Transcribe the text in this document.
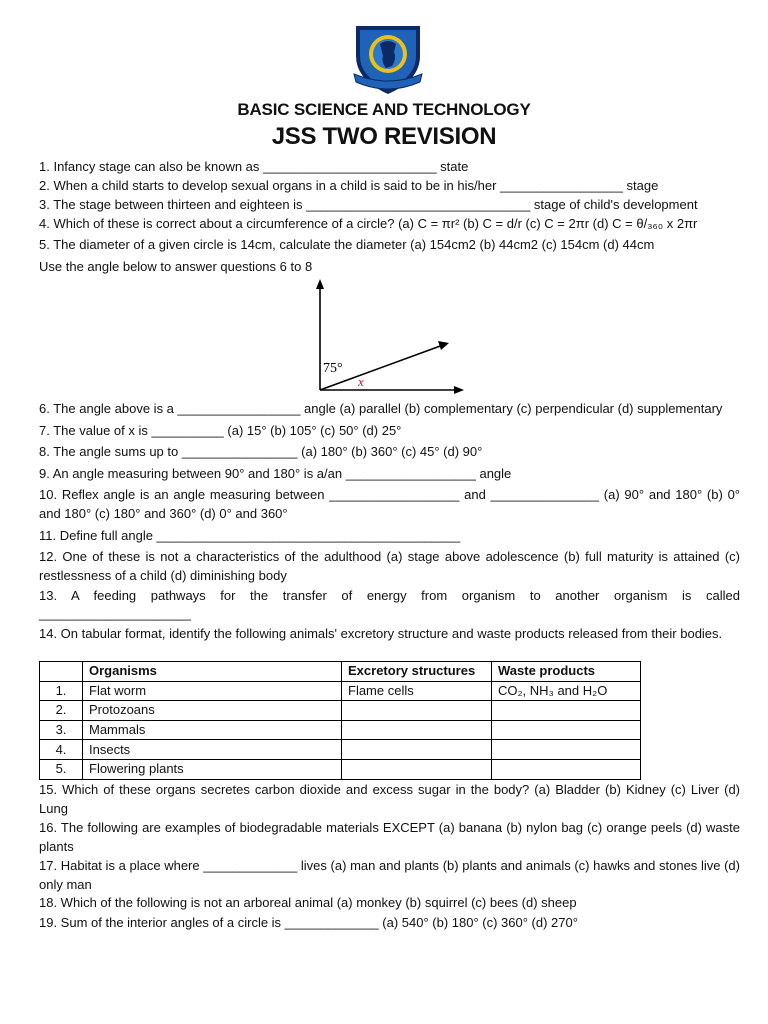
BASIC SCIENCE AND TECHNOLOGY
JSS TWO REVISION
1. Infancy stage can also be known as ________________________ state
2. When a child starts to develop sexual organs in a child is said to be in his/her _________________ stage
3. The stage between thirteen and eighteen is _______________________________ stage of child's development
4. Which of these is correct about a circumference of a circle? (a) C = πr² (b) C = d/r (c) C = 2πr (d) C = θ/₃₆₀ x 2πr
5. The diameter of a given circle is 14cm, calculate the diameter (a) 154cm2 (b) 44cm2 (c) 154cm (d) 44cm
Use the angle below to answer questions 6 to 8
75°
x
6. The angle above is a _________________ angle (a) parallel (b) complementary (c) perpendicular (d) supplementary
7. The value of x is __________ (a) 15° (b) 105° (c) 50° (d) 25°
8. The angle sums up to ________________ (a) 180° (b) 360° (c) 45° (d) 90°
9. An angle measuring between 90° and 180° is a/an __________________ angle
10. Reflex angle is an angle measuring between __________________ and _______________ (a) 90° and 180° (b) 0° and 180° (c) 180° and 360° (d) 0° and 360°
11. Define full angle __________________________________________
12. One of these is not a characteristics of the adulthood (a) stage above adolescence (b) full maturity is attained (c) restlessness of a child (d) diminishing body
13. A feeding pathways for the transfer of energy from organism to another organism is called
_____________________
14. On tabular format, identify the following animals' excretory structure and waste products released from their bodies.
	Organisms	Excretory structures	Waste products
1.	Flat worm	Flame cells	CO₂, NH₃ and H₂O
2.	Protozoans		
3.	Mammals		
4.	Insects		
5.	Flowering plants		
15. Which of these organs secretes carbon dioxide and excess sugar in the body? (a) Bladder (b) Kidney (c) Liver (d) Lung
16. The following are examples of biodegradable materials EXCEPT (a) banana (b) nylon bag (c) orange peels (d) waste plants
17. Habitat is a place where _____________ lives (a) man and plants (b) plants and animals (c) hawks and stones live (d) only man
18. Which of the following is not an arboreal animal (a) monkey (b) squirrel (c) bees (d) sheep
19. Sum of the interior angles of a circle is _____________ (a) 540° (b) 180° (c) 360° (d) 270°
